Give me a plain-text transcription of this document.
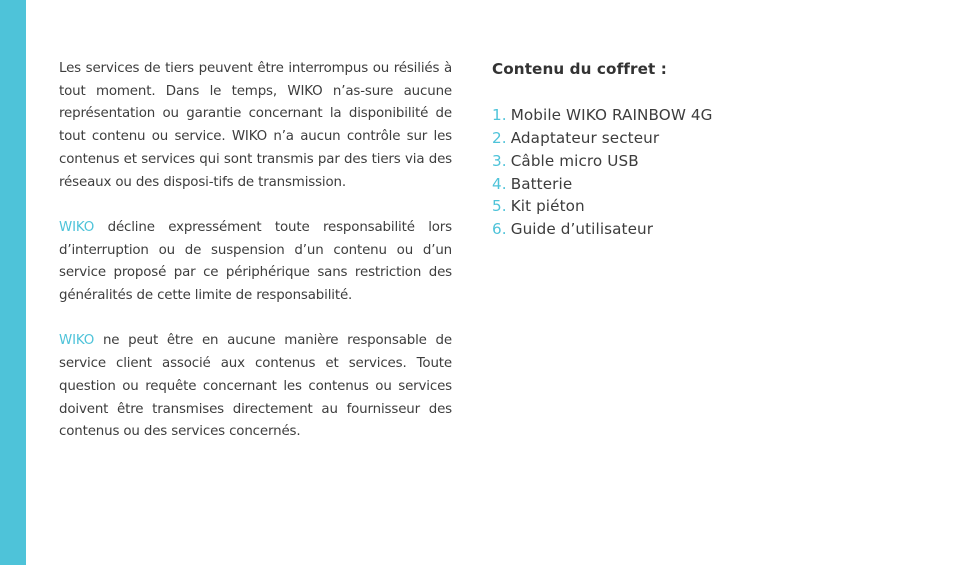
Les services de tiers peuvent être interrompus ou résiliés à tout moment. Dans le temps, WIKO n’as-sure aucune représentation ou garantie concernant la disponibilité de tout contenu ou service. WIKO n’a aucun contrôle sur les contenus et services qui sont transmis par des tiers via des réseaux ou des disposi-tifs de transmission.

WIKO décline expressément toute responsabilité lors d’interruption ou de suspension d’un contenu ou d’un service proposé par ce périphérique sans restriction des généralités de cette limite de responsabilité.

WIKO ne peut être en aucune manière responsable de service client associé aux contenus et services. Toute question ou requête concernant les contenus ou services doivent être transmises directement au fournisseur des contenus ou des services concernés.

Contenu du coffret :
1. Mobile WIKO RAINBOW 4G
2. Adaptateur secteur
3. Câble micro USB
4. Batterie
5. Kit piéton
6. Guide d’utilisateur
